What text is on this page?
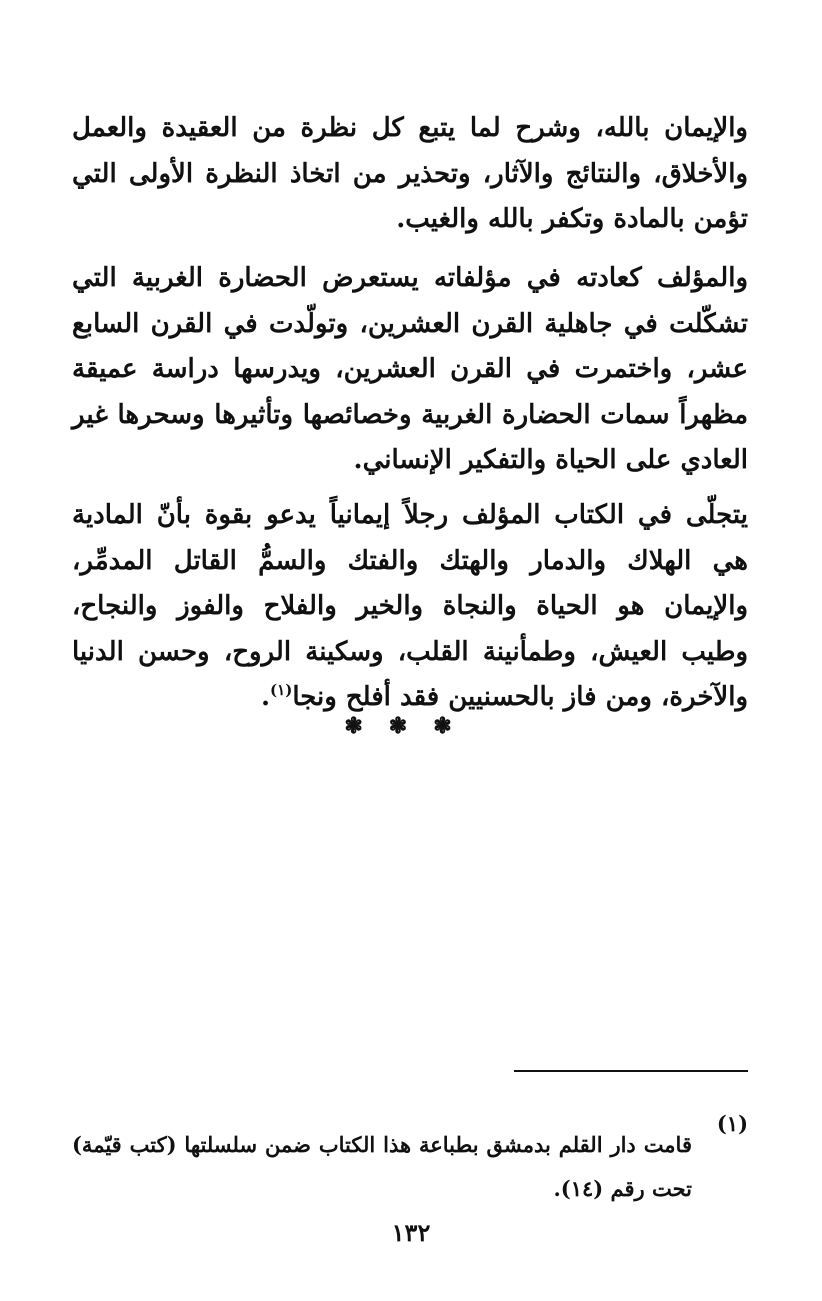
والإيمان بالله، وشرح لما يتبع كل نظرة من العقيدة والعمل والأخلاق، والنتائج والآثار، وتحذير من اتخاذ النظرة الأولى التي تؤمن بالمادة وتكفر بالله والغيب.

والمؤلف كعادته في مؤلفاته يستعرض الحضارة الغربية التي تشكّلت في جاهلية القرن العشرين، وتولّدت في القرن السابع عشر، واختمرت في القرن العشرين، ويدرسها دراسة عميقة مظهراً سمات الحضارة الغربية وخصائصها وتأثيرها وسحرها غير العادي على الحياة والتفكير الإنساني.

يتجلّى في الكتاب المؤلف رجلاً إيمانياً يدعو بقوة بأنّ المادية هي الهلاك والدمار والهتك والفتك والسمُّ القاتل المدمِّر، والإيمان هو الحياة والنجاة والخير والفلاح والفوز والنجاح، وطيب العيش، وطمأنينة القلب، وسكينة الروح، وحسن الدنيا والآخرة، ومن فاز بالحسنيين فقد أفلح ونجا$^{(١)}$.

❃❃❃
(١)

قامت دار القلم بدمشق بطباعة هذا الكتاب ضمن سلسلتها (كتب قيّمة) تحت رقم (١٤).

١٣٢
